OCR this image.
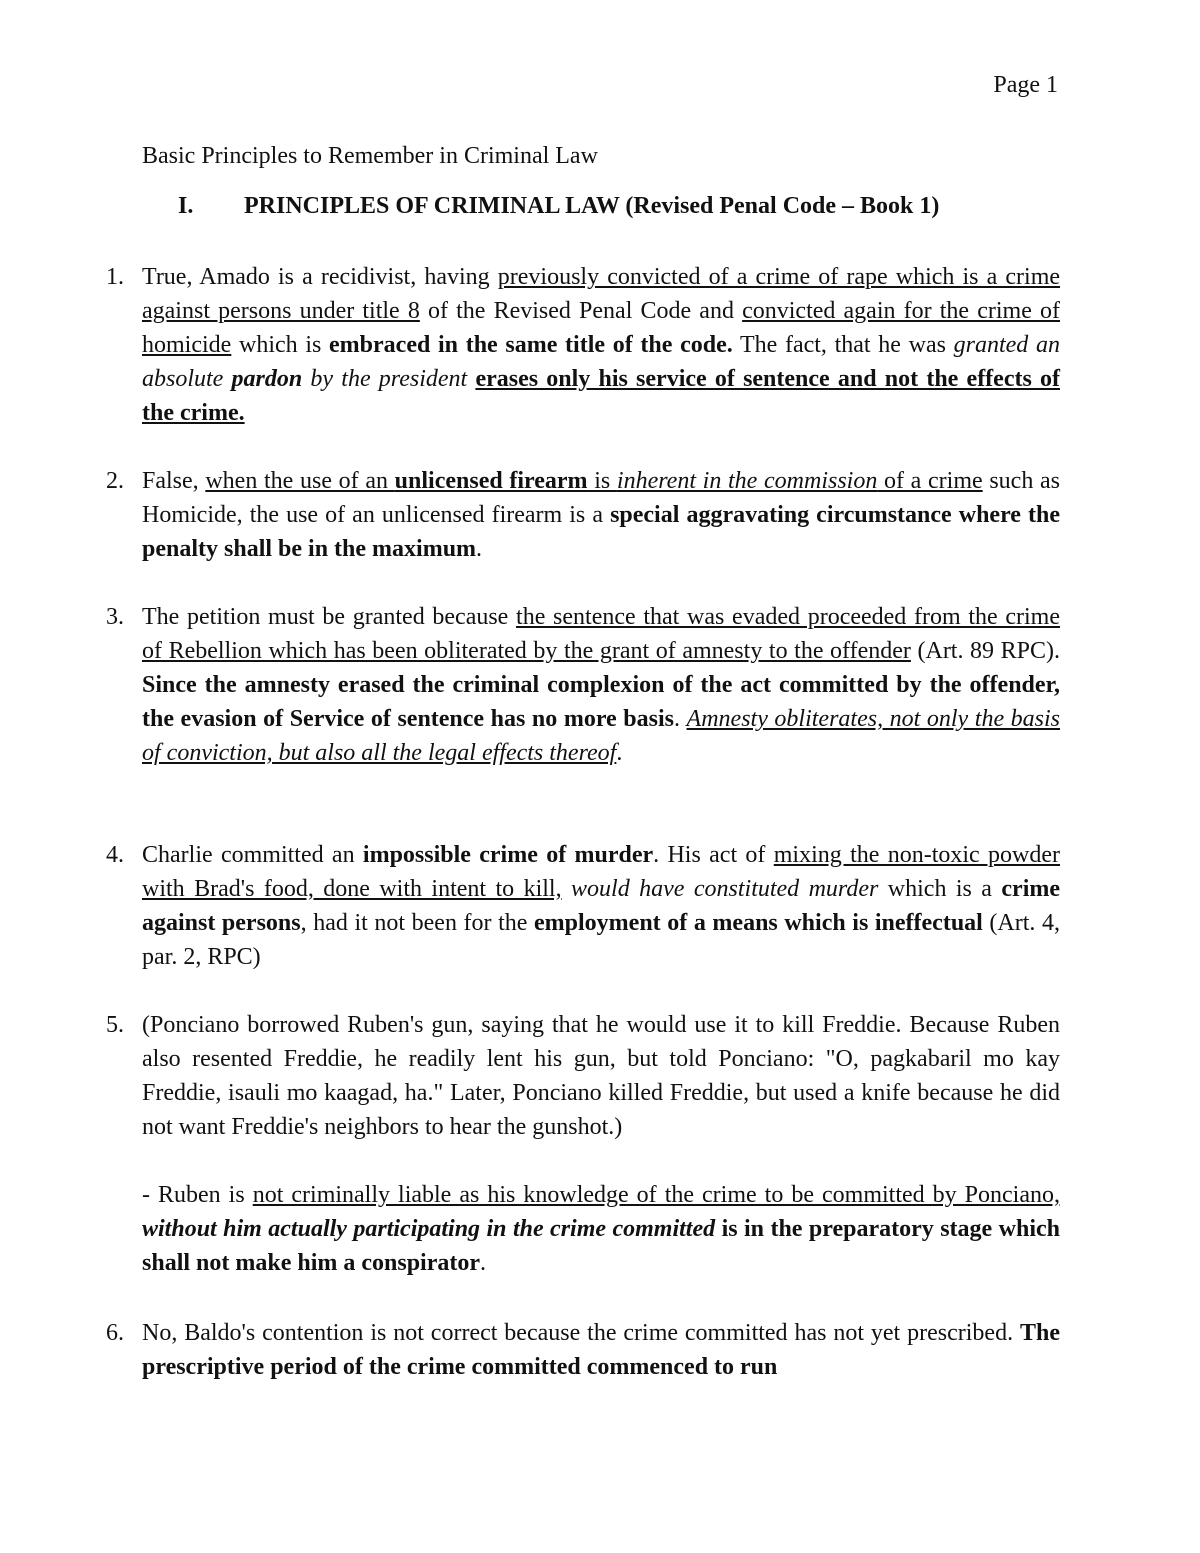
Page 1
Basic Principles to Remember in Criminal Law
I. PRINCIPLES OF CRIMINAL LAW (Revised Penal Code – Book 1)
1. True, Amado is a recidivist, having previously convicted of a crime of rape which is a crime against persons under title 8 of the Revised Penal Code and convicted again for the crime of homicide which is embraced in the same title of the code. The fact, that he was granted an absolute pardon by the president erases only his service of sentence and not the effects of the crime.

2. False, when the use of an unlicensed firearm is inherent in the commission of a crime such as Homicide, the use of an unlicensed firearm is a special aggravating circumstance where the penalty shall be in the maximum.

3. The petition must be granted because the sentence that was evaded proceeded from the crime of Rebellion which has been obliterated by the grant of amnesty to the offender (Art. 89 RPC). Since the amnesty erased the criminal complexion of the act committed by the offender, the evasion of Service of sentence has no more basis. Amnesty obliterates, not only the basis of conviction, but also all the legal effects thereof.

4. Charlie committed an impossible crime of murder. His act of mixing the non-toxic powder with Brad's food, done with intent to kill, would have constituted murder which is a crime against persons, had it not been for the employment of a means which is ineffectual (Art. 4, par. 2, RPC)

5. (Ponciano borrowed Ruben's gun, saying that he would use it to kill Freddie. Because Ruben also resented Freddie, he readily lent his gun, but told Ponciano: "O, pagkabaril mo kay Freddie, isauli mo kaagad, ha." Later, Ponciano killed Freddie, but used a knife because he did not want Freddie's neighbors to hear the gunshot.)

- Ruben is not criminally liable as his knowledge of the crime to be committed by Ponciano, without him actually participating in the crime committed is in the preparatory stage which shall not make him a conspirator.

6. No, Baldo's contention is not correct because the crime committed has not yet prescribed. The prescriptive period of the crime committed commenced to run
